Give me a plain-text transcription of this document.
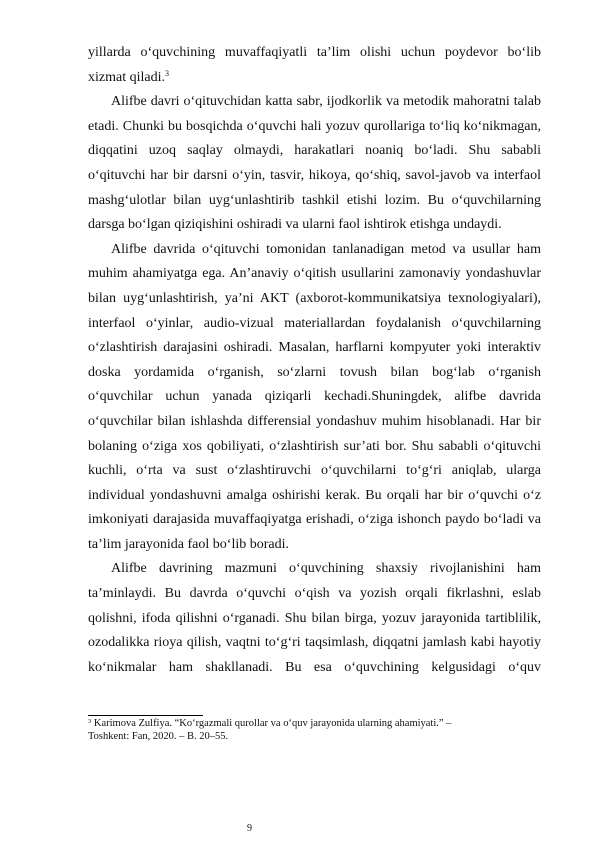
yillarda o‘quvchining muvaffaqiyatli ta’lim olishi uchun poydevor bo‘lib
xizmat qiladi.$^3$
Alifbe davri o‘qituvchidan katta sabr, ijodkorlik va metodik mahoratni talab
etadi. Chunki bu bosqichda o‘quvchi hali yozuv qurollariga to‘liq ko‘nikmagan,
diqqatini uzoq saqlay olmaydi, harakatlari noaniq bo‘ladi. Shu sababli
o‘qituvchi har bir darsni o‘yin, tasvir, hikoya, qo‘shiq, savol-javob va interfaol
mashg‘ulotlar bilan uyg‘unlashtirib tashkil etishi lozim. Bu o‘quvchilarning
darsga bo‘lgan qiziqishini oshiradi va ularni faol ishtirok etishga undaydi.
Alifbe davrida o‘qituvchi tomonidan tanlanadigan metod va usullar ham
muhim ahamiyatga ega. An’anaviy o‘qitish usullarini zamonaviy yondashuvlar
bilan uyg‘unlashtirish, ya’ni AKT (axborot-kommunikatsiya texnologiyalari),
interfaol o‘yinlar, audio-vizual materiallardan foydalanish o‘quvchilarning
o‘zlashtirish darajasini oshiradi. Masalan, harflarni kompyuter yoki interaktiv
doska yordamida o‘rganish, so‘zlarni tovush bilan bog‘lab o‘rganish
o‘quvchilar uchun yanada qiziqarli kechadi.Shuningdek, alifbe davrida
o‘quvchilar bilan ishlashda differensial yondashuv muhim hisoblanadi. Har bir
bolaning o‘ziga xos qobiliyati, o‘zlashtirish sur’ati bor. Shu sababli o‘qituvchi
kuchli, o‘rta va sust o‘zlashtiruvchi o‘quvchilarni to‘g‘ri aniqlab, ularga
individual yondashuvni amalga oshirishi kerak. Bu orqali har bir o‘quvchi o‘z
imkoniyati darajasida muvaffaqiyatga erishadi, o‘ziga ishonch paydo bo‘ladi va
ta’lim jarayonida faol bo‘lib boradi.
Alifbe davrining mazmuni o‘quvchining shaxsiy rivojlanishini ham
ta’minlaydi. Bu davrda o‘quvchi o‘qish va yozish orqali fikrlashni, eslab
qolishni, ifoda qilishni o‘rganadi. Shu bilan birga, yozuv jarayonida tartiblilik,
ozodalikka rioya qilish, vaqtni to‘g‘ri taqsimlash, diqqatni jamlash kabi hayotiy
ko‘nikmalar ham shakllanadi. Bu esa o‘quvchining kelgusidagi o‘quv
$^3$ Karimova Zulfiya. “Ko‘rgazmali qurollar va o‘quv jarayonida ularning ahamiyati.” –
Toshkent: Fan, 2020. – B. 20–55.
9
